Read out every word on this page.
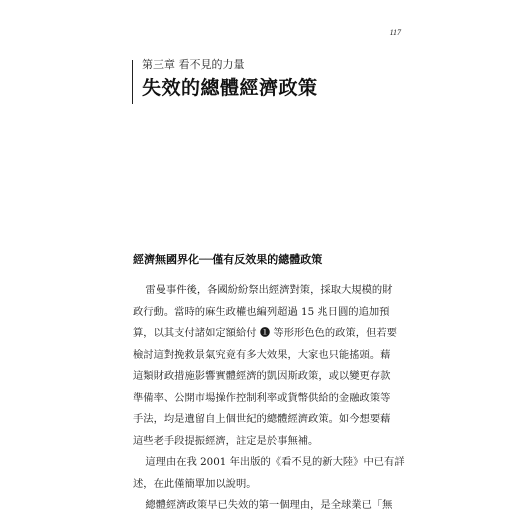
117
第三章 看不見的力量
失效的總體經濟政策
經濟無國界化──僅有反效果的總體政策

雷曼事件後，各國紛紛祭出經濟對策，採取大規模的財
政行動。當時的麻生政權也編列超過 15 兆日圓的追加預
算，以其支付諸如定額給付 ❶ 等形形色色的政策，但若要
檢討這對挽救景氣究竟有多大效果，大家也只能搖頭。藉
這類財政措施影響實體經濟的凱因斯政策，或以變更存款
準備率、公開市場操作控制利率或貨幣供給的金融政策等
手法，均是遺留自上個世紀的總體經濟政策。如今想要藉
這些老手段提振經濟，註定是於事無補。

這理由在我 2001 年出版的《看不見的新大陸》中已有詳
述，在此僅簡單加以說明。

總體經濟政策早已失效的第一個理由，是全球業已「無
